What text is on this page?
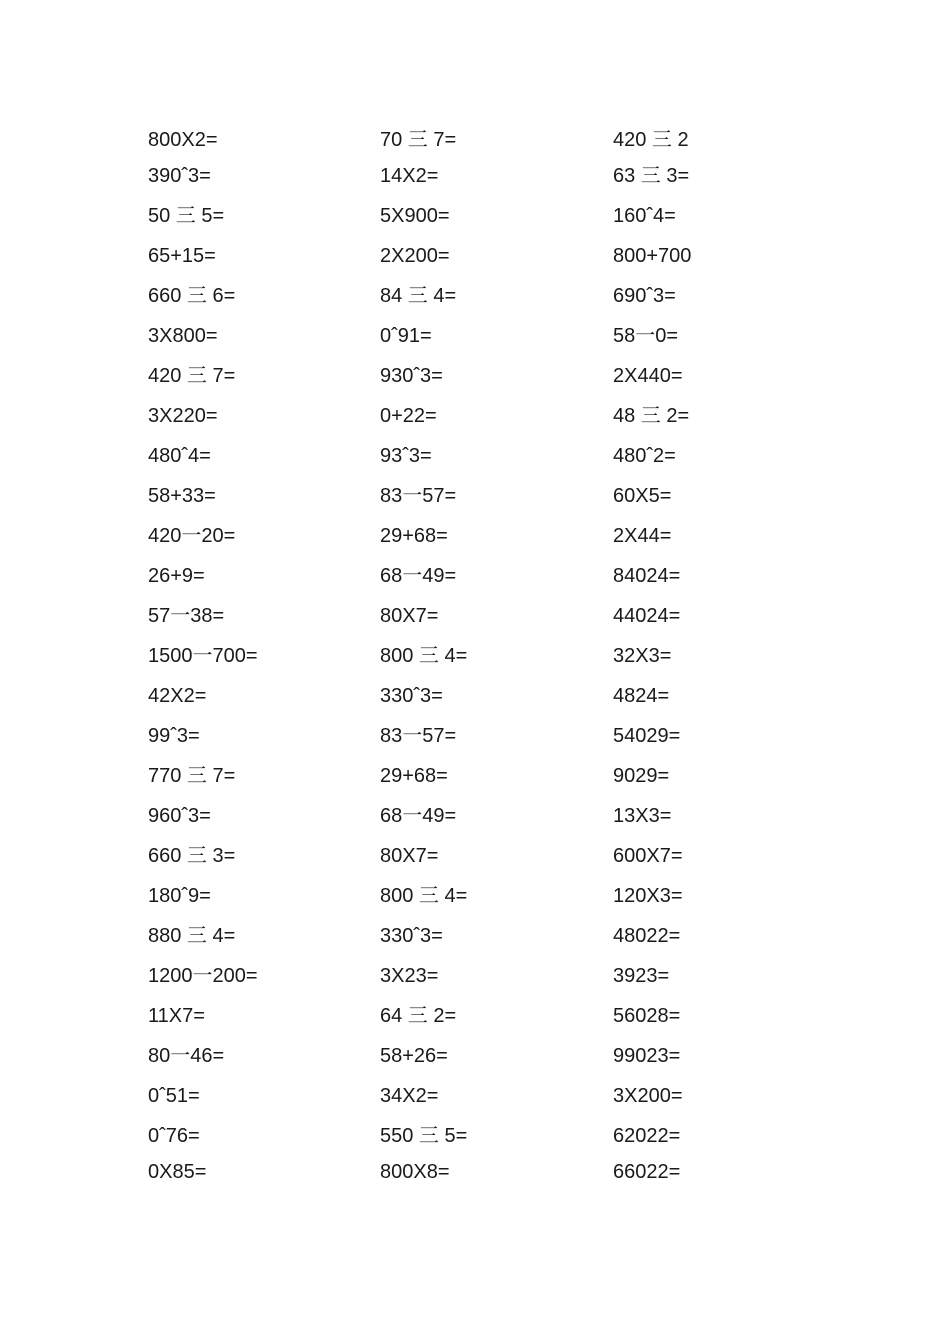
800X2=
390ˆ3=
50 三 5=
65+15=
660 三 6=
3X800=
420 三 7=
3X220=
480ˆ4=
58+33=
420一20=
26+9=
57一38=
1500一700=
42X2=
99ˆ3=
770 三 7=
960ˆ3=
660 三 3=
180ˆ9=
880 三 4=
1200一200=
11X7=
80一46=
0ˆ51=
0ˆ76=
0X85=
70 三 7=
14X2=
5X900=
2X200=
84 三 4=
0ˆ91=
930ˆ3=
0+22=
93ˆ3=
83一57=
29+68=
68一49=
80X7=
800 三 4=
330ˆ3=
83一57=
29+68=
68一49=
80X7=
800 三 4=
330ˆ3=
3X23=
64 三 2=
58+26=
34X2=
550 三 5=
800X8=
420 三 2
63 三 3=
160ˆ4=
800+700
690ˆ3=
58一0=
2X440=
48 三 2=
480ˆ2=
60X5=
2X44=
84024=
44024=
32X3=
4824=
54029=
9029=
13X3=
600X7=
120X3=
48022=
3923=
56028=
99023=
3X200=
62022=
66022=
